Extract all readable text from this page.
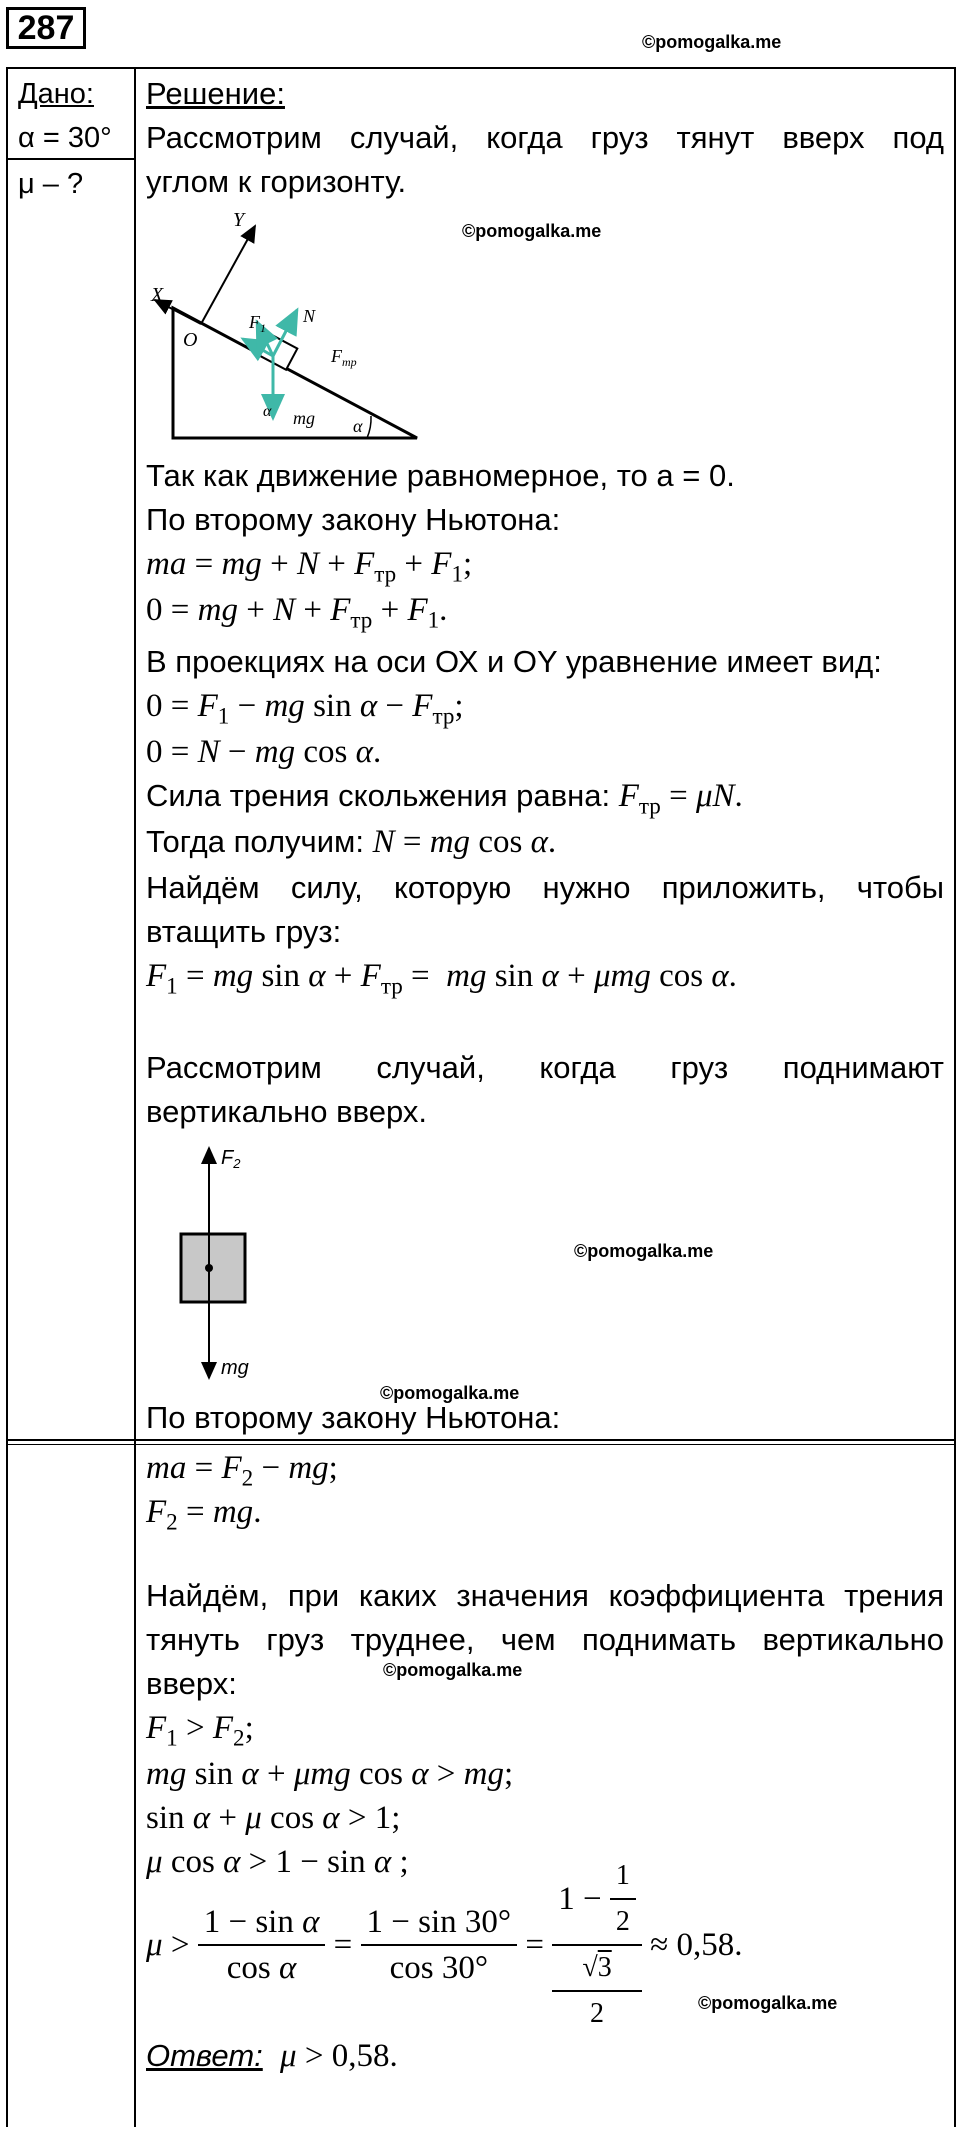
287	©pomogalka.me
©pomogalka.me
©pomogalka.me
©pomogalka.me
©pomogalka.me
©pomogalka.me
Дано:
α = 30°
μ – ?
Решение:
Рассмотрим случай, когда груз тянут вверх под
углом к горизонту.
X
Y
O
$F_1$
N
$F_{тр}$
mg
α
α
Так как движение равномерное, то a = 0.
По второму закону Ньютона:
ma = mg + $N + F_{тр} + F_1$;
0 = mg + $N + F_{тр} + F_1$.
В проекциях на оси ОХ и OY уравнение имеет вид:
$0 = F_1$ − mg $\sin \alpha - F_{тр}$;
0 = N − mg cos α.
Сила трения скольжения равна: $F_{тр} = \mu N$.
Тогда получим: N = mg cos α.
Найдём силу, которую нужно приложить, чтобы
втащить груз:
$F_1$ = mg $\sin \alpha + F_{тр}$ =  mg sin α + μmg cos α.
Рассмотрим случай, когда груз поднимают
вертикально вверх.
$F_2$
mg
По второму закону Ньютона:
ma = $F_2$ − mg;
$F_2$ = mg.
Найдём, при каких значения коэффициента трения
тянуть груз труднее, чем поднимать вертикально
вверх:
$F_1 > F_2$;
mg sin α + μmg cos α > mg;
sin α + μ cos α > 1;
μ cos α > 1 − sin α ;
$\mu > \frac{\text{1 − sin α}}{\text{cos α}} = \frac{1 - \sin 30^\circ}{\cos 30^\circ} = 1$ −
$\frac{1}{2}$
√3
2
≈ 0,58.
Ответ: μ > 0,58.
